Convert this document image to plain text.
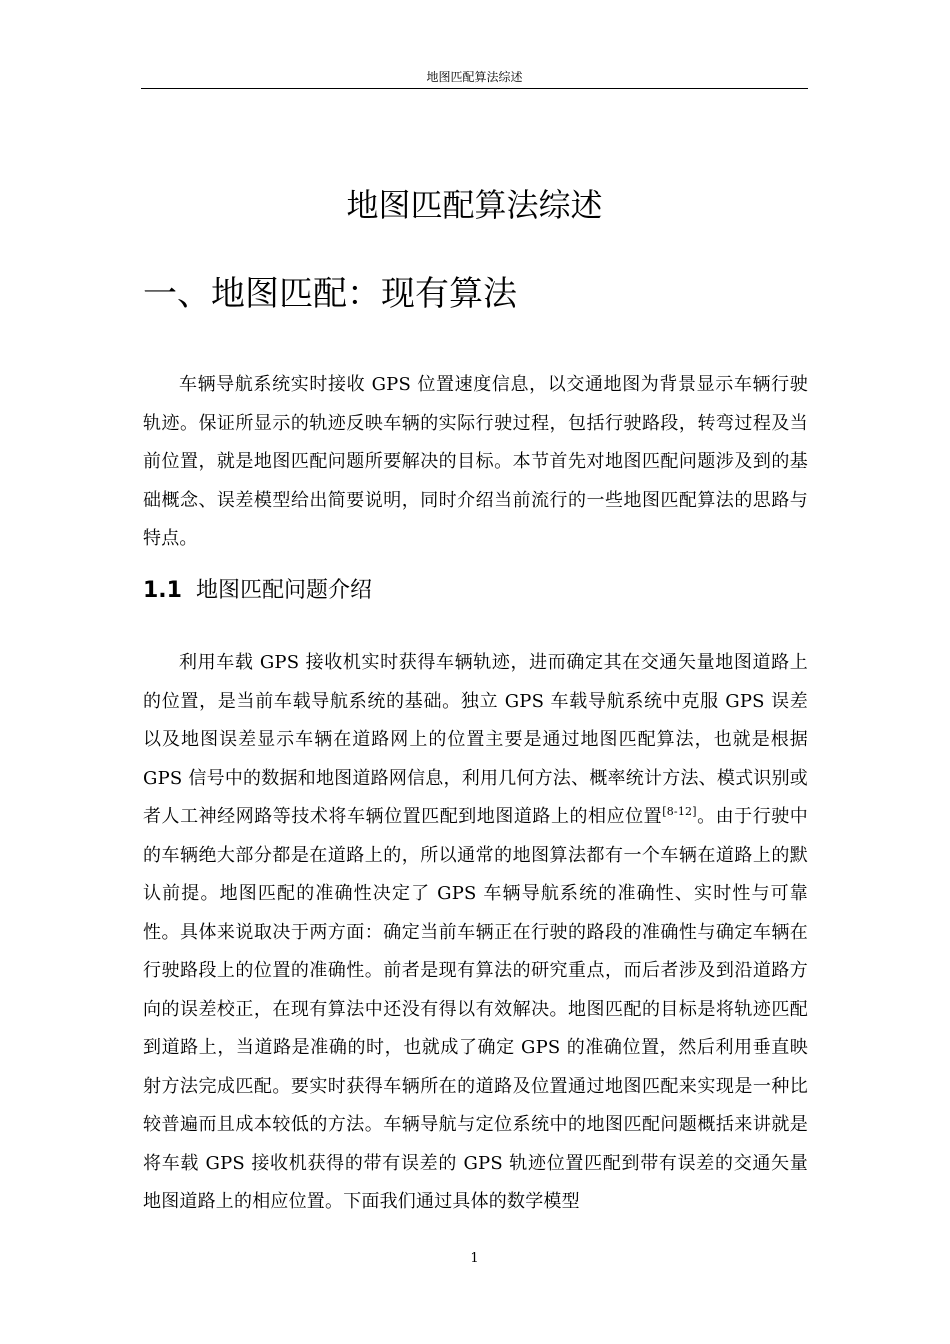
地图匹配算法综述
地图匹配算法综述
一、地图匹配：现有算法

车辆导航系统实时接收 GPS 位置速度信息，以交通地图为背景显示车辆行驶轨迹。保证所显示的轨迹反映车辆的实际行驶过程，包括行驶路段，转弯过程及当前位置，就是地图匹配问题所要解决的目标。本节首先对地图匹配问题涉及到的基础概念、误差模型给出简要说明，同时介绍当前流行的一些地图匹配算法的思路与特点。

1.1 地图匹配问题介绍

利用车载 GPS 接收机实时获得车辆轨迹，进而确定其在交通矢量地图道路上的位置，是当前车载导航系统的基础。独立 GPS 车载导航系统中克服 GPS 误差以及地图误差显示车辆在道路网上的位置主要是通过地图匹配算法，也就是根据 GPS 信号中的数据和地图道路网信息，利用几何方法、概率统计方法、模式识别或者人工神经网路等技术将车辆位置匹配到地图道路上的相应位置[8-12]。由于行驶中的车辆绝大部分都是在道路上的，所以通常的地图算法都有一个车辆在道路上的默认前提。地图匹配的准确性决定了 GPS 车辆导航系统的准确性、实时性与可靠性。具体来说取决于两方面：确定当前车辆正在行驶的路段的准确性与确定车辆在行驶路段上的位置的准确性。前者是现有算法的研究重点，而后者涉及到沿道路方向的误差校正，在现有算法中还没有得以有效解决。地图匹配的目标是将轨迹匹配到道路上，当道路是准确的时，也就成了确定 GPS 的准确位置，然后利用垂直映射方法完成匹配。要实时获得车辆所在的道路及位置通过地图匹配来实现是一种比较普遍而且成本较低的方法。车辆导航与定位系统中的地图匹配问题概括来讲就是将车载 GPS 接收机获得的带有误差的 GPS 轨迹位置匹配到带有误差的交通矢量地图道路上的相应位置。下面我们通过具体的数学模型

1
